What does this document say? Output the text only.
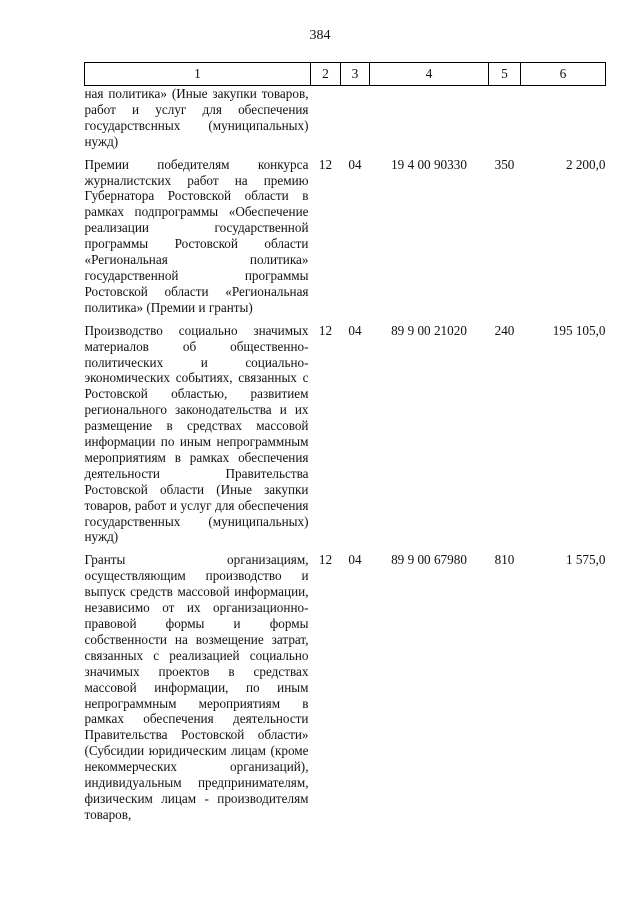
384
1	2	3	4	5	6
ная политика» (Иные закупки товаров, работ и услуг для обеспечения государствснных (муниципальных) нужд)					
Премии победителям конкурса журналистских работ на премию Губернатора Ростовской области в рамках подпрограммы «Обеспечение реализации государственной программы Ростовской области «Региональная политика» государственной программы Ростовской области «Региональная политика» (Премии и гранты)	12	04	19 4 00 90330	350	2 200,0
Производство социально значимых материалов об общественно-политических и социально-экономических событиях, связанных с Ростовской областью, развитием регионального законодательства и их размещение в средствах массовой информации по иным непрограммным мероприятиям в рамках обеспечения деятельности Правительства Ростовской области (Иные закупки товаров, работ и услуг для обеспечения государственных (муниципальных) нужд)	12	04	89 9 00 21020	240	195 105,0
Гранты организациям, осуществляющим производство и выпуск средств массовой информации, независимо от их организационно-правовой формы и формы собственности на возмещение затрат, связанных с реализацией социально значимых проектов в средствах массовой информации, по иным непрограммным мероприятиям в рамках обеспечения деятельности Правительства Ростовской области» (Субсидии юридическим лицам (кроме некоммерческих организаций), индивидуальным предпринимателям, физическим лицам - производителям товаров,	12	04	89 9 00 67980	810	1 575,0
